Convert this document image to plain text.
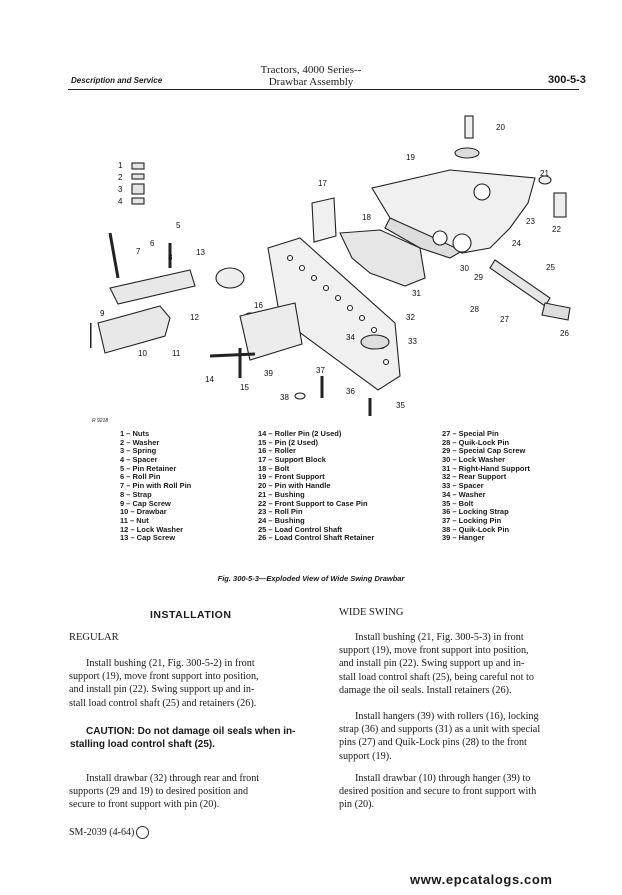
Tractors, 4000 Series--
Drawbar Assembly
Description and Service	300-5-3
1
2
3
4
5
6
7
8
9
10	11
12
13
14
15
16
17
18
19
20
21
22
23
24
25
26
27
28
29
30
31
32
33
34
35
36
37
38
39
R 9218
1 – Nuts
2 – Washer
3 – Spring
4 – Spacer
5 – Pin Retainer
6 – Roll Pin
7 – Pin with Roll Pin
8 – Strap
9 – Cap Screw
10 – Drawbar
11 – Nut
12 – Lock Washer
13 – Cap Screw
14 – Roller Pin (2 Used)
15 – Pin (2 Used)
16 – Roller
17 – Support Block
18 – Bolt
19 – Front Support
20 – Pin with Handle
21 – Bushing
22 – Front Support to Case Pin
23 – Roll Pin
24 – Bushing
25 – Load Control Shaft
26 – Load Control Shaft Retainer
27 – Special Pin
28 – Quik-Lock Pin
29 – Special Cap Screw
30 – Lock Washer
31 – Right-Hand Support
32 – Rear Support
33 – Spacer
34 – Washer
35 – Bolt
36 – Locking Strap
37 – Locking Pin
38 – Quik-Lock Pin
39 – Hanger
Fig. 300-5-3—Exploded View of Wide Swing Drawbar
INSTALLATION
REGULAR
Install bushing (21, Fig. 300-5-2) in front
support (19), move front support into position,
and install pin (22). Swing support up and in-
stall load control shaft (25) and retainers (26).
CAUTION: Do not damage oil seals when in-
stalling load control shaft (25).
Install drawbar (32) through rear and front
supports (29 and 19) to desired position and
secure to front support with pin (20).
WIDE SWING
Install bushing (21, Fig. 300-5-3) in front
support (19), move front support into position,
and install pin (22). Swing support up and in-
stall load control shaft (25), being careful not to
damage the oil seals. Install retainers (26).
Install hangers (39) with rollers (16), locking
strap (36) and supports (31) as a unit with special
pins (27) and Quik-Lock pins (28) to the front
support (19).
Install drawbar (10) through hanger (39) to
desired position and secure to front support with
pin (20).
SM-2039 (4-64)
www.epcatalogs.com
